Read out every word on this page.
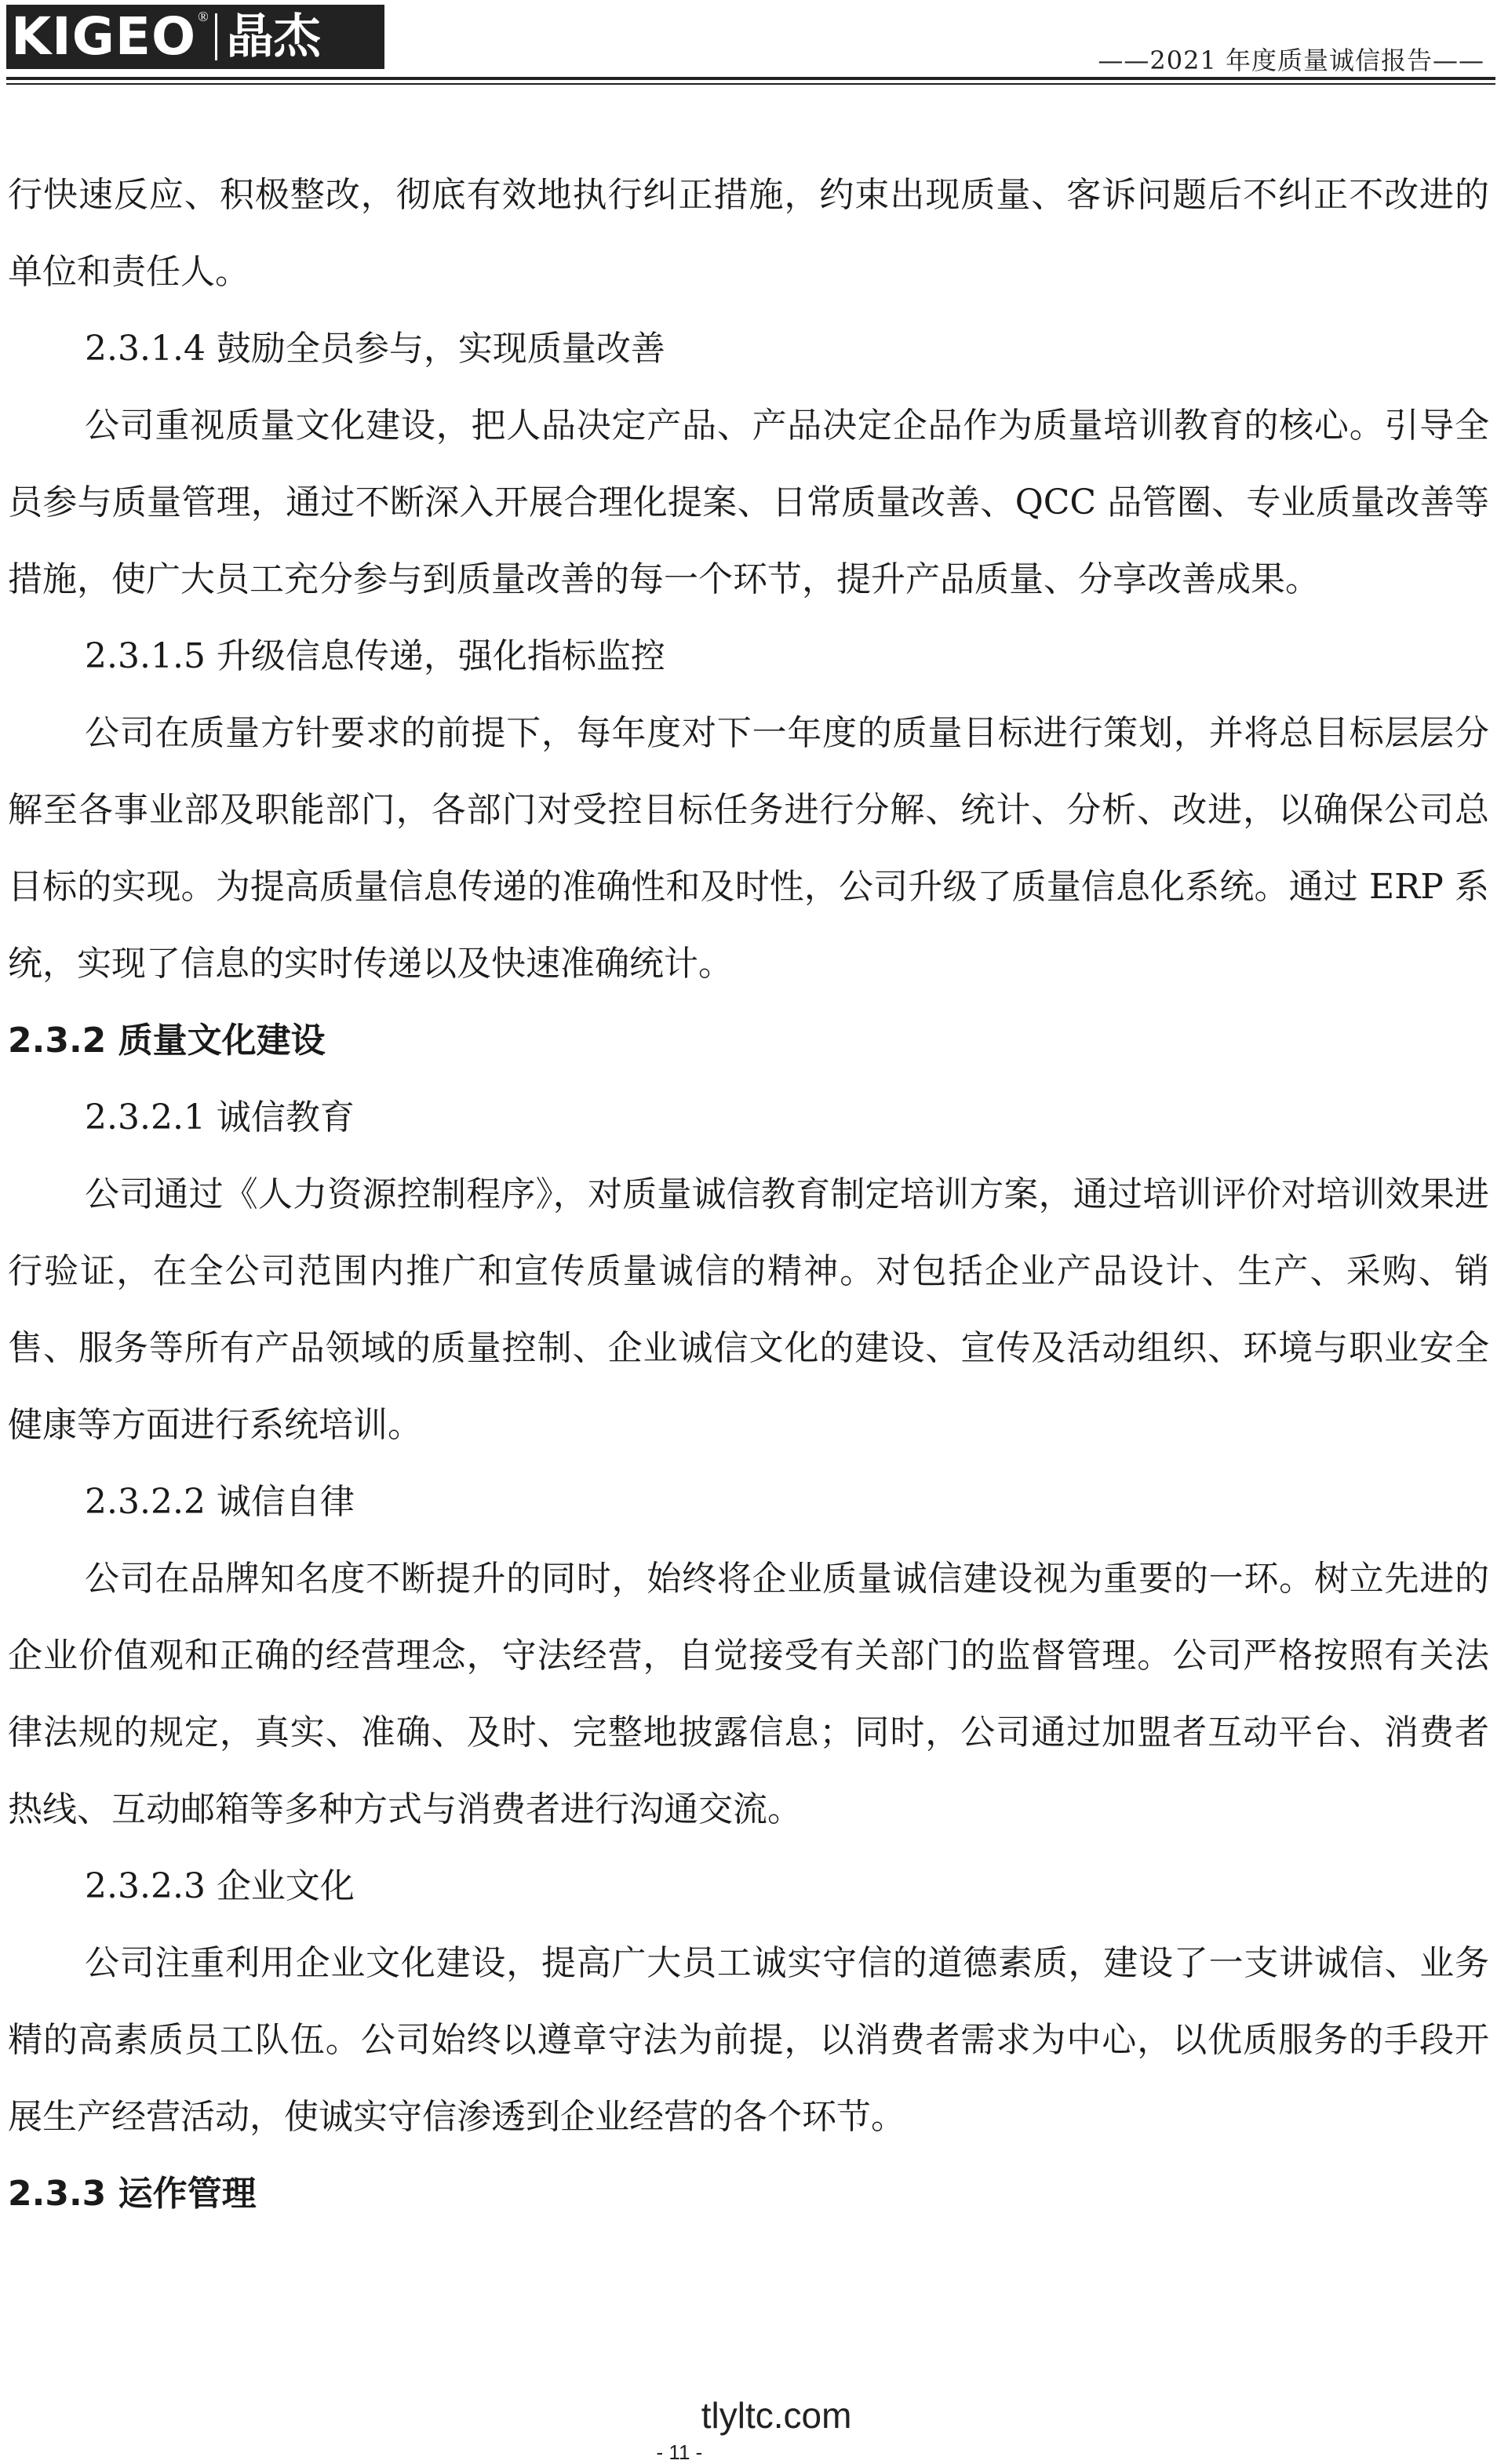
KIGEO ® 晶杰	——2021 年度质量诚信报告——

行快速反应、积极整改，彻底有效地执行纠正措施，约束出现质量、客诉问题后不纠正不改进的单位和责任人。

2.3.1.4 鼓励全员参与，实现质量改善

公司重视质量文化建设，把人品决定产品、产品决定企品作为质量培训教育的核心。引导全员参与质量管理，通过不断深入开展合理化提案、日常质量改善、QCC 品管圈、专业质量改善等措施，使广大员工充分参与到质量改善的每一个环节，提升产品质量、分享改善成果。

2.3.1.5 升级信息传递，强化指标监控

公司在质量方针要求的前提下，每年度对下一年度的质量目标进行策划，并将总目标层层分解至各事业部及职能部门，各部门对受控目标任务进行分解、统计、分析、改进，以确保公司总目标的实现。为提高质量信息传递的准确性和及时性，公司升级了质量信息化系统。通过 ERP 系统，实现了信息的实时传递以及快速准确统计。

2.3.2 质量文化建设

2.3.2.1 诚信教育

公司通过《人力资源控制程序》，对质量诚信教育制定培训方案，通过培训评价对培训效果进行验证，在全公司范围内推广和宣传质量诚信的精神。对包括企业产品设计、生产、采购、销售、服务等所有产品领域的质量控制、企业诚信文化的建设、宣传及活动组织、环境与职业安全健康等方面进行系统培训。

2.3.2.2 诚信自律

公司在品牌知名度不断提升的同时，始终将企业质量诚信建设视为重要的一环。树立先进的企业价值观和正确的经营理念，守法经营，自觉接受有关部门的监督管理。公司严格按照有关法律法规的规定，真实、准确、及时、完整地披露信息；同时，公司通过加盟者互动平台、消费者热线、互动邮箱等多种方式与消费者进行沟通交流。

2.3.2.3 企业文化

公司注重利用企业文化建设，提高广大员工诚实守信的道德素质，建设了一支讲诚信、业务精的高素质员工队伍。公司始终以遵章守法为前提，以消费者需求为中心，以优质服务的手段开展生产经营活动，使诚实守信渗透到企业经营的各个环节。

2.3.3 运作管理

- 11 - tlyltc.com
